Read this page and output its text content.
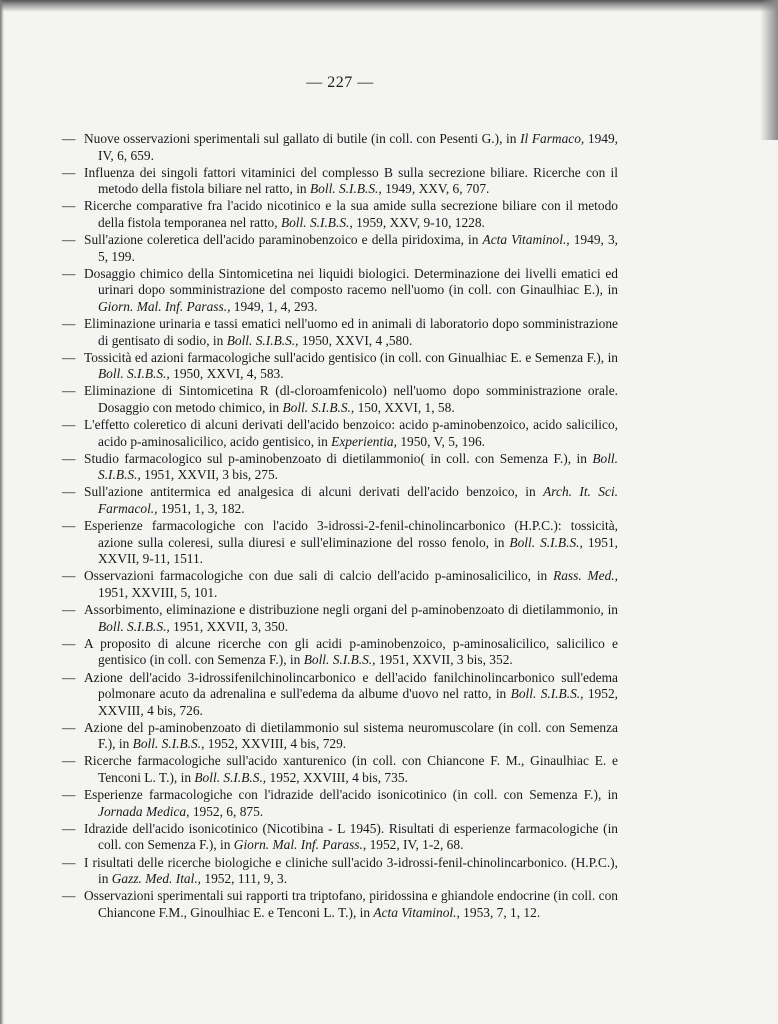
— 227 —
— Nuove osservazioni sperimentali sul gallato di butile (in coll. con Pesenti G.), in Il Farmaco, 1949, IV, 6, 659.
— Influenza dei singoli fattori vitaminici del complesso B sulla secrezione biliare. Ricerche con il metodo della fistola biliare nel ratto, in Boll. S.I.B.S., 1949, XXV, 6, 707.
— Ricerche comparative fra l'acido nicotinico e la sua amide sulla secrezione biliare con il metodo della fistola temporanea nel ratto, Boll. S.I.B.S., 1959, XXV, 9-10, 1228.
— Sull'azione coleretica dell'acido paraminobenzoico e della piridoxima, in Acta Vitaminol., 1949, 3, 5, 199.
— Dosaggio chimico della Sintomicetina nei liquidi biologici. Determinazione dei livelli ematici ed urinari dopo somministrazione del composto racemo nell'uomo (in coll. con Ginaulhiac E.), in Giorn. Mal. Inf. Parass., 1949, 1, 4, 293.
— Eliminazione urinaria e tassi ematici nell'uomo ed in animali di laboratorio dopo somministrazione di gentisato di sodio, in Boll. S.I.B.S., 1950, XXVI, 4 ,580.
— Tossicità ed azioni farmacologiche sull'acido gentisico (in coll. con Ginualhiac E. e Semenza F.), in Boll. S.I.B.S., 1950, XXVI, 4, 583.
— Eliminazione di Sintomicetina R (dl-cloroamfenicolo) nell'uomo dopo somministrazione orale. Dosaggio con metodo chimico, in Boll. S.I.B.S., 150, XXVI, 1, 58.
— L'effetto coleretico di alcuni derivati dell'acido benzoico: acido p-aminobenzoico, acido salicilico, acido p-aminosalicilico, acido gentisico, in Experientia, 1950, V, 5, 196.
— Studio farmacologico sul p-aminobenzoato di dietilammonio( in coll. con Semenza F.), in Boll. S.I.B.S., 1951, XXVII, 3 bis, 275.
— Sull'azione antitermica ed analgesica di alcuni derivati dell'acido benzoico, in Arch. It. Sci. Farmacol., 1951, 1, 3, 182.
— Esperienze farmacologiche con l'acido 3-idrossi-2-fenil-chinolincarbonico (H.P.C.): tossicità, azione sulla coleresi, sulla diuresi e sull'eliminazione del rosso fenolo, in Boll. S.I.B.S., 1951, XXVII, 9-11, 1511.
— Osservazioni farmacologiche con due sali di calcio dell'acido p-aminosalicilico, in Rass. Med., 1951, XXVIII, 5, 101.
— Assorbimento, eliminazione e distribuzione negli organi del p-aminobenzoato di dietilammonio, in Boll. S.I.B.S., 1951, XXVII, 3, 350.
— A proposito di alcune ricerche con gli acidi p-aminobenzoico, p-aminosalicilico, salicilico e gentisico (in coll. con Semenza F.), in Boll. S.I.B.S., 1951, XXVII, 3 bis, 352.
— Azione dell'acido 3-idrossifenilchinolincarbonico e dell'acido fanilchinolincarbonico sull'edema polmonare acuto da adrenalina e sull'edema da albume d'uovo nel ratto, in Boll. S.I.B.S., 1952, XXVIII, 4 bis, 726.
— Azione del p-aminobenzoato di dietilammonio sul sistema neuromuscolare (in coll. con Semenza F.), in Boll. S.I.B.S., 1952, XXVIII, 4 bis, 729.
— Ricerche farmacologiche sull'acido xanturenico (in coll. con Chiancone F. M., Ginaulhiac E. e Tenconi L. T.), in Boll. S.I.B.S., 1952, XXVIII, 4 bis, 735.
— Esperienze farmacologiche con l'idrazide dell'acido isonicotinico (in coll. con Semenza F.), in Jornada Medica, 1952, 6, 875.
— Idrazide dell'acido isonicotinico (Nicotibina - L 1945). Risultati di esperienze farmacologiche (in coll. con Semenza F.), in Giorn. Mal. Inf. Parass., 1952, IV, 1-2, 68.
— I risultati delle ricerche biologiche e cliniche sull'acido 3-idrossi-fenil-chinolincarbonico. (H.P.C.), in Gazz. Med. Ital., 1952, 111, 9, 3.
— Osservazioni sperimentali sui rapporti tra triptofano, piridossina e ghiandole endocrine (in coll. con Chiancone F.M., Ginoulhiac E. e Tenconi L. T.), in Acta Vitaminol., 1953, 7, 1, 12.
